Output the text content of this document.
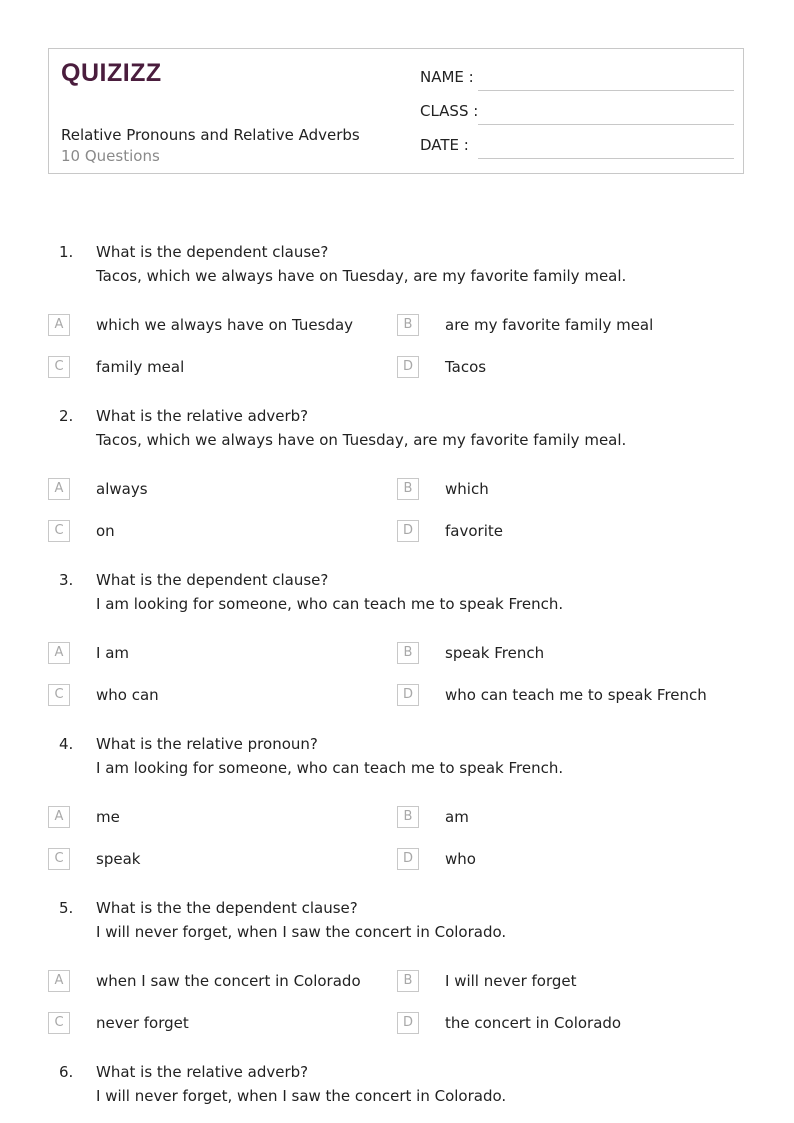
QUIZIZZ
Relative Pronouns and Relative Adverbs
10 Questions
NAME :
CLASS :
DATE :
1. What is the dependent clause?
Tacos, which we always have on Tuesday, are my favorite family meal.
A	which we always have on Tuesday	B	are my favorite family meal
C	family meal	D	Tacos
2. What is the relative adverb?
Tacos, which we always have on Tuesday, are my favorite family meal.
A	always	B	which
C	on	D	favorite
3. What is the dependent clause?
I am looking for someone, who can teach me to speak French.
A	I am	B	speak French
C	who can	D	who can teach me to speak French
4. What is the relative pronoun?
I am looking for someone, who can teach me to speak French.
A	me	B	am
C	speak	D	who
5. What is the the dependent clause?
I will never forget, when I saw the concert in Colorado.
A	when I saw the concert in Colorado	B	I will never forget
C	never forget	D	the concert in Colorado
6. What is the relative adverb?
I will never forget, when I saw the concert in Colorado.
